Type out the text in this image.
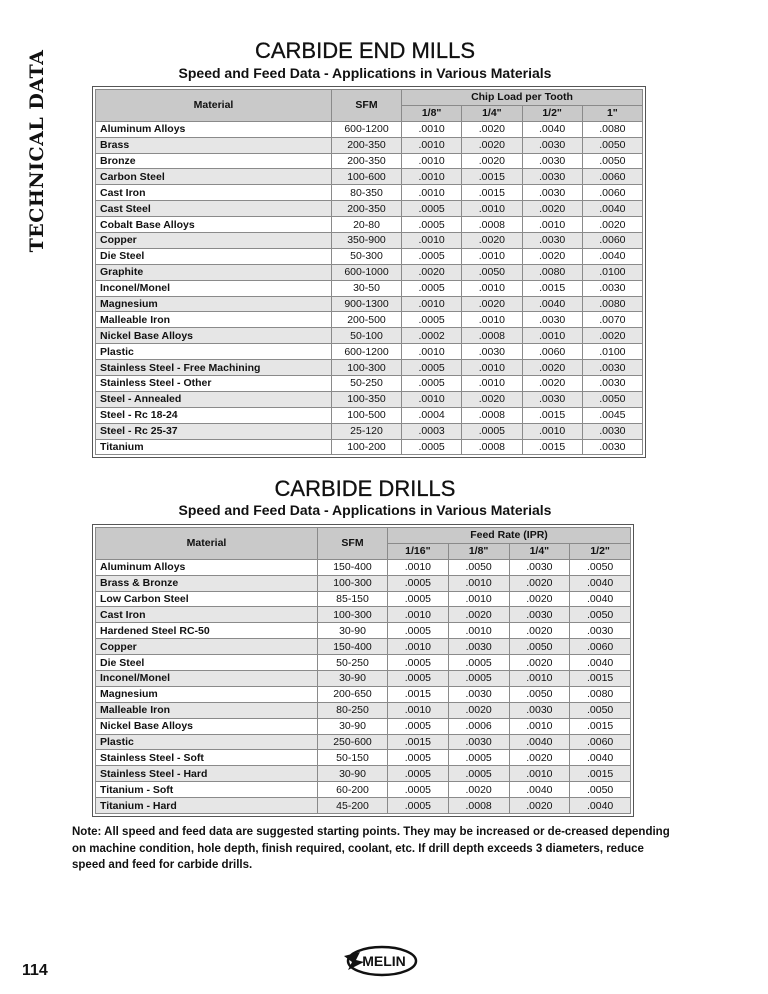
TECHNICAL DATA	CARBIDE END MILLS
Speed and Feed Data - Applications in Various Materials
Material	SFM	Chip Load per Tooth			
		1/8"	1/4"	1/2"	1"
Aluminum Alloys	600-1200	.0010	.0020	.0040	.0080
Brass	200-350	.0010	.0020	.0030	.0050
Bronze	200-350	.0010	.0020	.0030	.0050
Carbon Steel	100-600	.0010	.0015	.0030	.0060
Cast Iron	80-350	.0010	.0015	.0030	.0060
Cast Steel	200-350	.0005	.0010	.0020	.0040
Cobalt Base Alloys	20-80	.0005	.0008	.0010	.0020
Copper	350-900	.0010	.0020	.0030	.0060
Die Steel	50-300	.0005	.0010	.0020	.0040
Graphite	600-1000	.0020	.0050	.0080	.0100
Inconel/Monel	30-50	.0005	.0010	.0015	.0030
Magnesium	900-1300	.0010	.0020	.0040	.0080
Malleable Iron	200-500	.0005	.0010	.0030	.0070
Nickel Base Alloys	50-100	.0002	.0008	.0010	.0020
Plastic	600-1200	.0010	.0030	.0060	.0100
Stainless Steel - Free Machining	100-300	.0005	.0010	.0020	.0030
Stainless Steel - Other	50-250	.0005	.0010	.0020	.0030
Steel - Annealed	100-350	.0010	.0020	.0030	.0050
Steel - Rc 18-24	100-500	.0004	.0008	.0015	.0045
Steel - Rc 25-37	25-120	.0003	.0005	.0010	.0030
Titanium	100-200	.0005	.0008	.0015	.0030
CARBIDE DRILLS
Speed and Feed Data - Applications in Various Materials
Material	SFM	Feed Rate (IPR)			
		1/16"	1/8"	1/4"	1/2"
Aluminum Alloys	150-400	.0010	.0050	.0030	.0050
Brass & Bronze	100-300	.0005	.0010	.0020	.0040
Low Carbon Steel	85-150	.0005	.0010	.0020	.0040
Cast Iron	100-300	.0010	.0020	.0030	.0050
Hardened Steel RC-50	30-90	.0005	.0010	.0020	.0030
Copper	150-400	.0010	.0030	.0050	.0060
Die Steel	50-250	.0005	.0005	.0020	.0040
Inconel/Monel	30-90	.0005	.0005	.0010	.0015
Magnesium	200-650	.0015	.0030	.0050	.0080
Malleable Iron	80-250	.0010	.0020	.0030	.0050
Nickel Base Alloys	30-90	.0005	.0006	.0010	.0015
Plastic	250-600	.0015	.0030	.0040	.0060
Stainless Steel - Soft	50-150	.0005	.0005	.0020	.0040
Stainless Steel - Hard	30-90	.0005	.0005	.0010	.0015
Titanium - Soft	60-200	.0005	.0020	.0040	.0050
Titanium - Hard	45-200	.0005	.0008	.0020	.0040
Note: All speed and feed data are suggested starting points. They may be increased or de-creased depending on machine condition, hole depth, finish required, coolant, etc. If drill depth exceeds 3 diameters, reduce speed and feed for carbide drills.
114
MELIN
